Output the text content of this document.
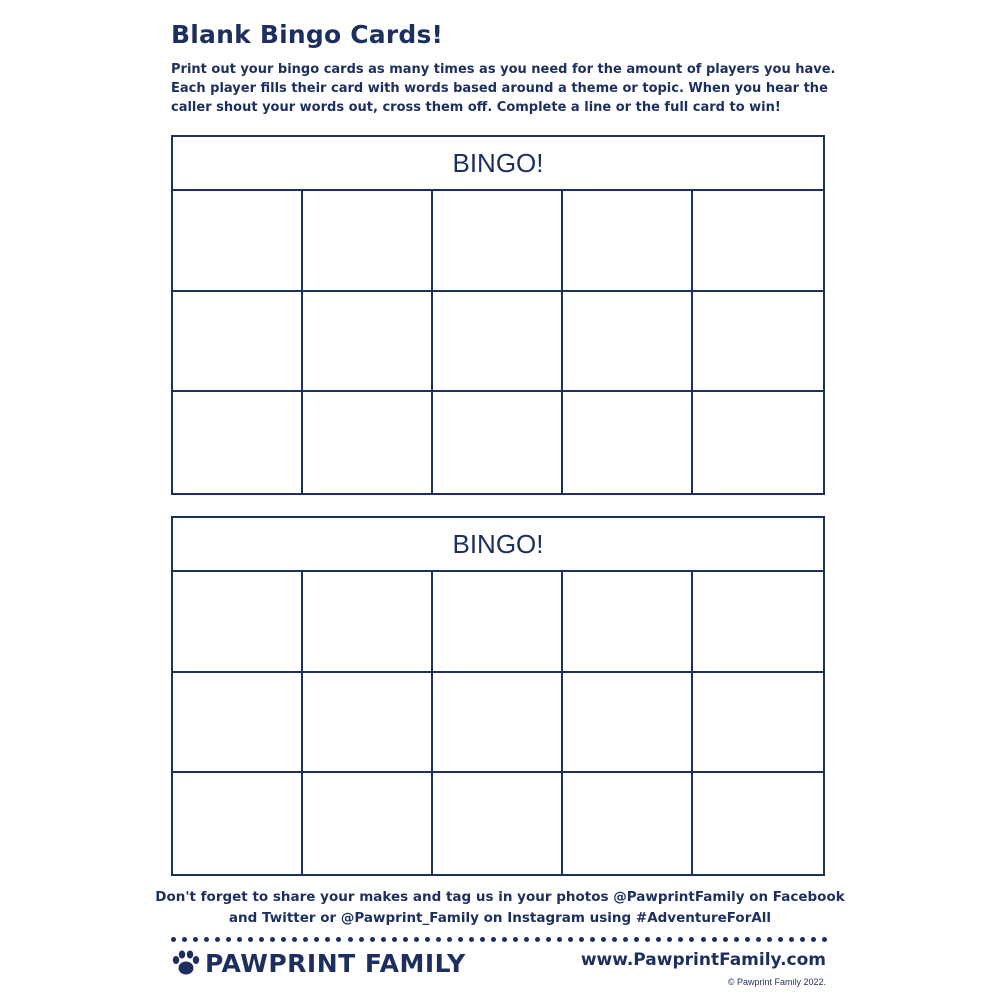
Blank Bingo Cards!
Print out your bingo cards as many times as you need for the amount of players you have.
Each player fills their card with words based around a theme or topic. When you hear the
caller shout your words out, cross them off. Complete a line or the full card to win!
BINGO!
BINGO!
Don't forget to share your makes and tag us in your photos @PawprintFamily on Facebook
and Twitter or @Pawprint_Family on Instagram using #AdventureForAll
PAWPRINT FAMILY	www.PawprintFamily.com
© Pawprint Family 2022.
